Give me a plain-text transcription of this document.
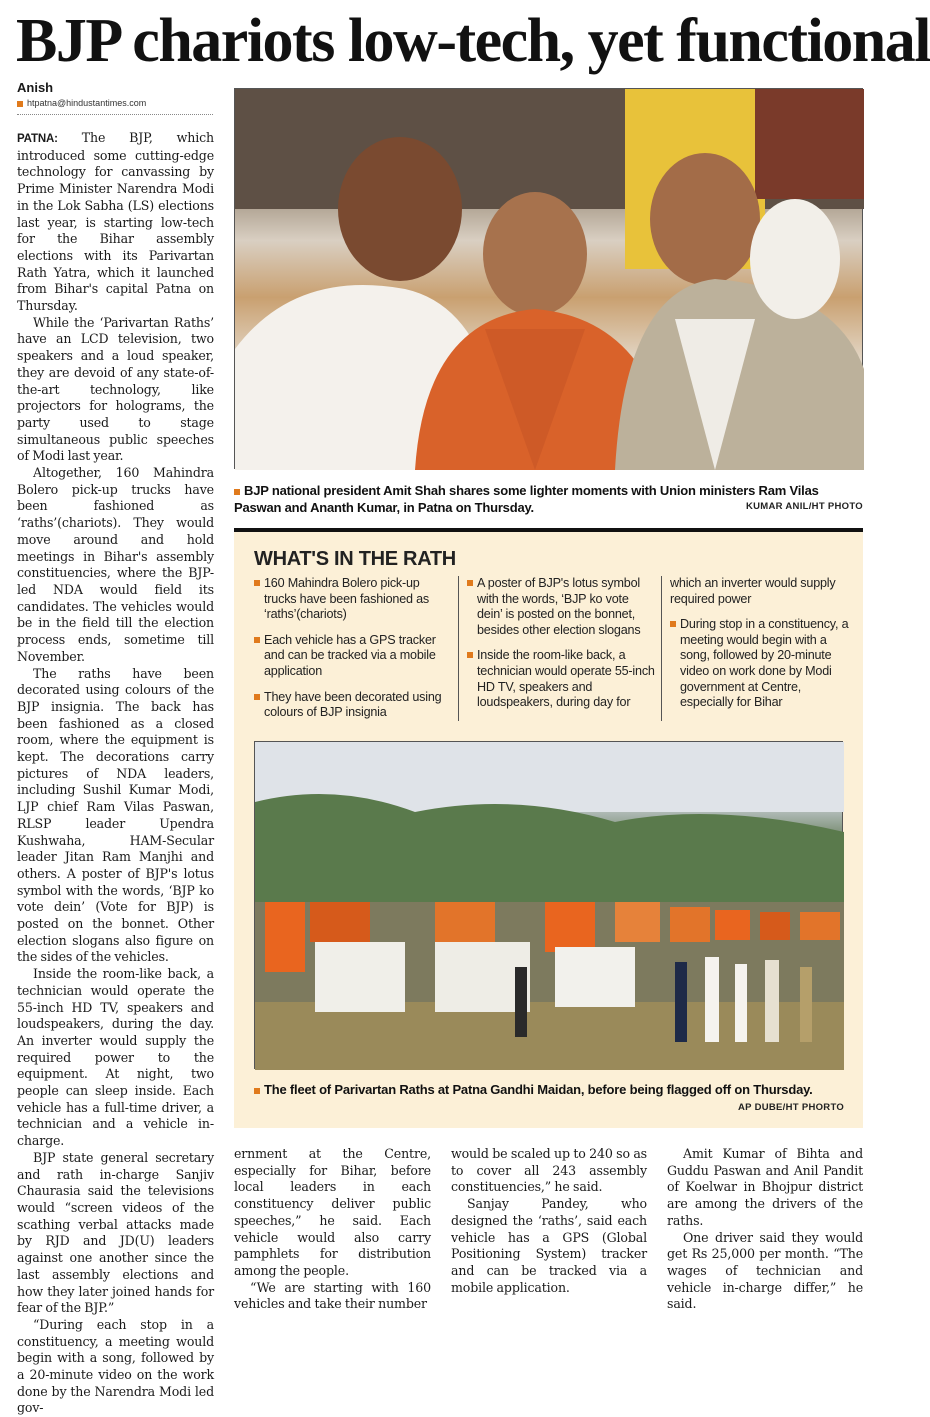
BJP chariots low-tech, yet functional
Anish
htpatna@hindustantimes.com

PATNA: The BJP, which introduced some cutting-edge technology for canvassing by Prime Minister Narendra Modi in the Lok Sabha (LS) elections last year, is starting low-tech for the Bihar assembly elections with its Parivartan Rath Yatra, which it launched from Bihar's capital Patna on Thursday.

While the ‘Parivartan Raths’ have an LCD television, two speakers and a loud speaker, they are devoid of any state-of-the-art technology, like projectors for holograms, the party used to stage simultaneous public speeches of Modi last year.

Altogether, 160 Mahindra Bolero pick-up trucks have been fashioned as ‘raths’(chariots). They would move around and hold meetings in Bihar's assembly constituencies, where the BJP-led NDA would field its candidates. The vehicles would be in the field till the election process ends, sometime till November.

The raths have been decorated using colours of the BJP insignia. The back has been fashioned as a closed room, where the equipment is kept. The decorations carry pictures of NDA leaders, including Sushil Kumar Modi, LJP chief Ram Vilas Paswan, RLSP leader Upendra Kushwaha, HAM-Secular leader Jitan Ram Manjhi and others. A poster of BJP's lotus symbol with the words, ‘BJP ko vote dein’ (Vote for BJP) is posted on the bonnet. Other election slogans also figure on the sides of the vehicles.

Inside the room-like back, a technician would operate the 55-inch HD TV, speakers and loudspeakers, during the day. An inverter would supply the required power to the equipment. At night, two people can sleep inside. Each vehicle has a full-time driver, a technician and a vehicle in-charge.

BJP state general secretary and rath in-charge Sanjiv Chaurasia said the televisions would “screen videos of the scathing verbal attacks made by RJD and JD(U) leaders against one another since the last assembly elections and how they later joined hands for fear of the BJP.”

“During each stop in a constituency, a meeting would begin with a song, followed by a 20-minute video on the work done by the Narendra Modi led gov-

BJP national president Amit Shah shares some lighter moments with Union ministers Ram Vilas Paswan and Ananth Kumar, in Patna on Thursday.	KUMAR ANIL/HT PHOTO
WHAT'S IN THE RATH
160 Mahindra Bolero pick-up trucks have been fashioned as ‘raths’(chariots)
Each vehicle has a GPS tracker and can be tracked via a mobile application
They have been decorated using colours of BJP insignia
A poster of BJP's lotus symbol with the words, ‘BJP ko vote dein’ is posted on the bonnet, besides other election slogans
Inside the room-like back, a technician would operate 55-inch HD TV, speakers and loudspeakers, during day for
which an inverter would supply required power
During stop in a constituency, a meeting would begin with a song, followed by 20-minute video on work done by Modi government at Centre, especially for Bihar
The fleet of Parivartan Raths at Patna Gandhi Maidan, before being flagged off on Thursday.
AP DUBE/HT PHORTO

ernment at the Centre, especially for Bihar, before local leaders in each constituency deliver public speeches,” he said. Each vehicle would also carry pamphlets for distribution among the people.

“We are starting with 160 vehicles and take their number

would be scaled up to 240 so as to cover all 243 assembly constituencies,” he said.

Sanjay Pandey, who designed the ‘raths’, said each vehicle has a GPS (Global Positioning System) tracker and can be tracked via a mobile application.

Amit Kumar of Bihta and Guddu Paswan and Anil Pandit of Koelwar in Bhojpur district are among the drivers of the raths.

One driver said they would get Rs 25,000 per month. “The wages of technician and vehicle in-charge differ,” he said.
